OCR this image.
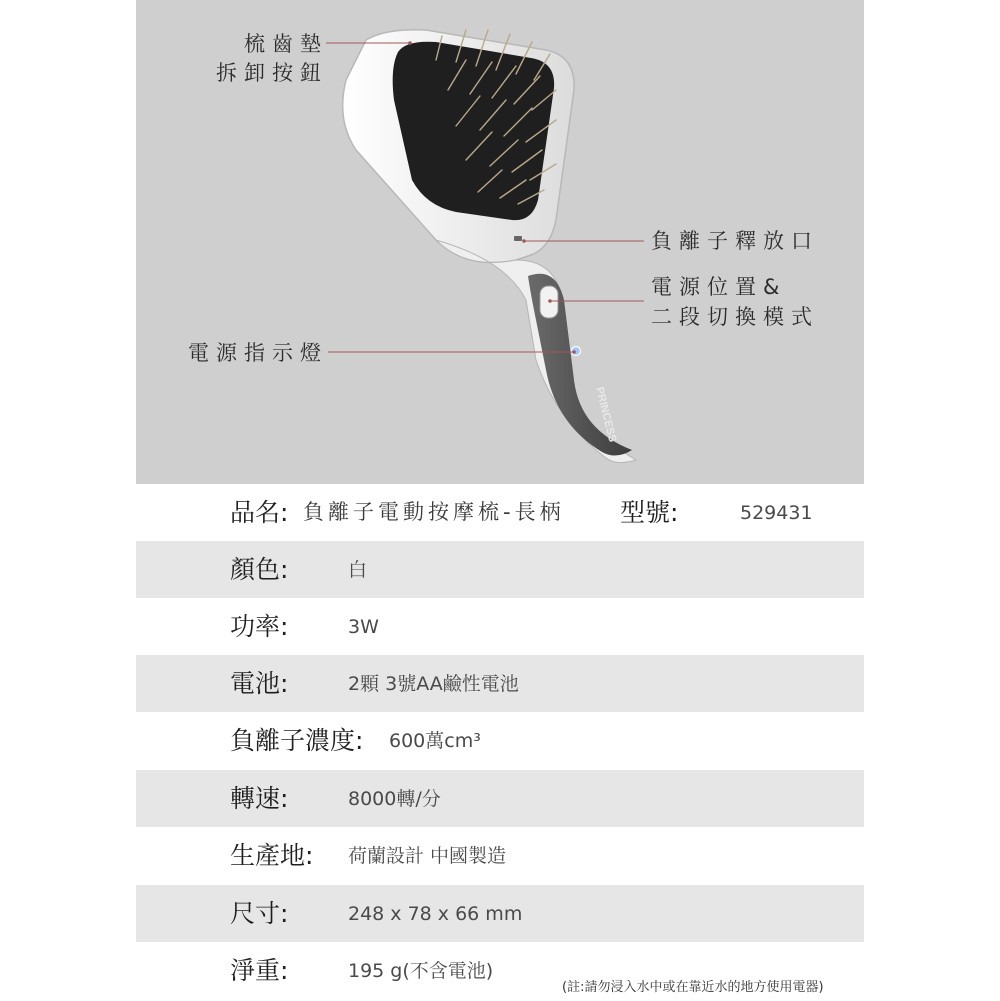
PRINCESS
梳齒墊
拆卸按鈕
負離子釋放口
電源位置&
二段切換模式
電源指示燈
品名: 負離子電動按摩梳-長柄 型號:	529431
顏色:	白
功率:	3W
電池:	2顆 3號AA鹼性電池
負離子濃度: 600萬cm³
轉速:	8000轉/分
生產地: 荷蘭設計 中國製造
尺寸:	248 x 78 x 66 mm
淨重:	195 g(不含電池)
(註:請勿浸入水中或在靠近水的地方使用電器)
